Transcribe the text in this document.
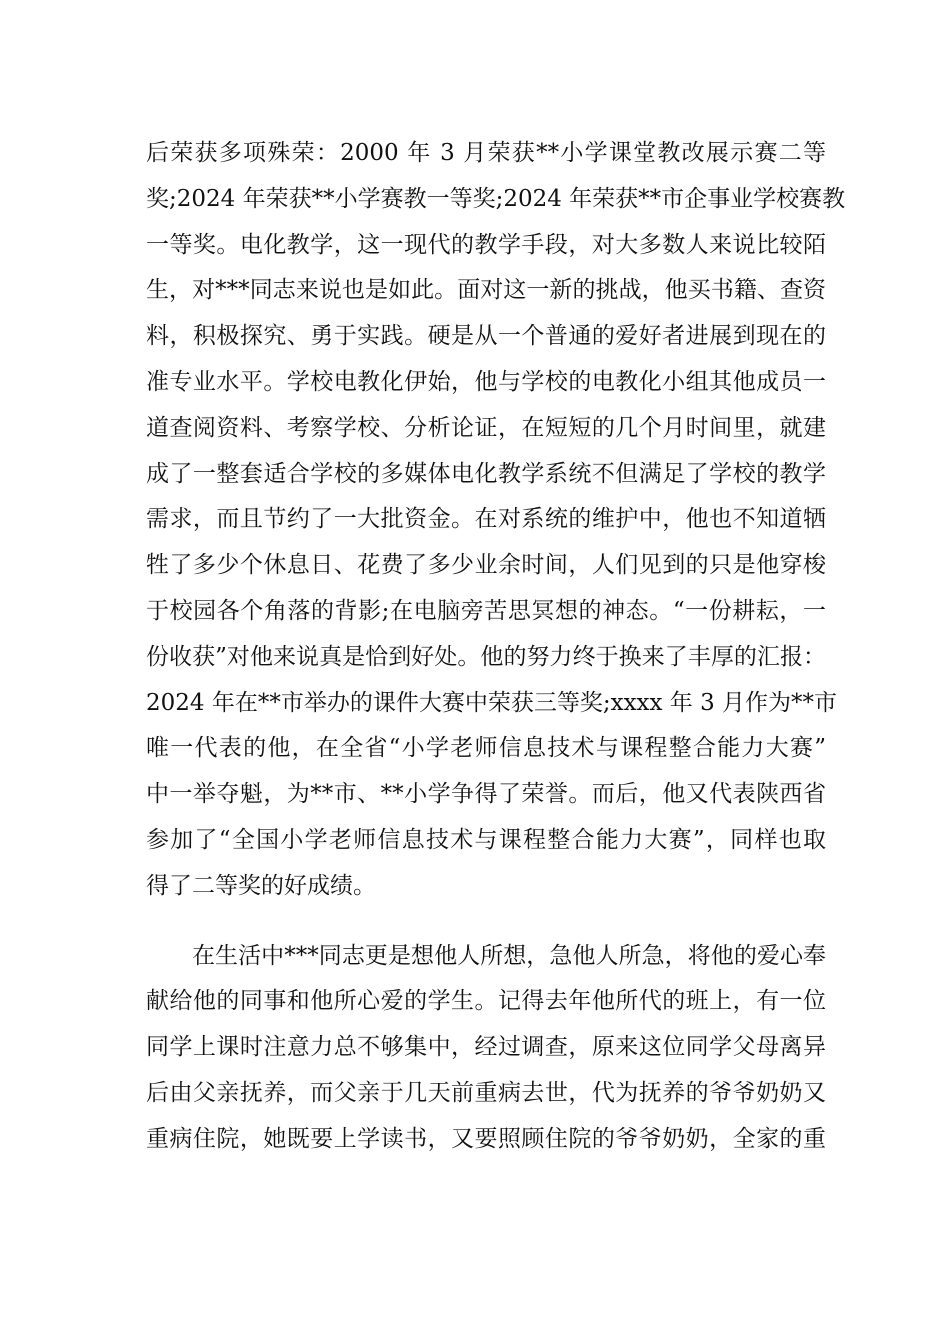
后荣获多项殊荣：2000 年 3 月荣获**小学课堂教改展示赛二等
奖;2024 年荣获**小学赛教一等奖;2024 年荣获**市企事业学校赛教
一等奖。电化教学，这一现代的教学手段，对大多数人来说比较陌
生，对***同志来说也是如此。面对这一新的挑战，他买书籍、查资
料，积极探究、勇于实践。硬是从一个普通的爱好者进展到现在的
准专业水平。学校电教化伊始，他与学校的电教化小组其他成员一
道查阅资料、考察学校、分析论证，在短短的几个月时间里，就建
成了一整套适合学校的多媒体电化教学系统不但满足了学校的教学
需求，而且节约了一大批资金。在对系统的维护中，他也不知道牺
牲了多少个休息日、花费了多少业余时间，人们见到的只是他穿梭
于校园各个角落的背影;在电脑旁苦思冥想的神态。“一份耕耘，一
份收获”对他来说真是恰到好处。他的努力终于换来了丰厚的汇报：
2024 年在**市举办的课件大赛中荣获三等奖;xxxx 年 3 月作为**市
唯一代表的他，在全省“小学老师信息技术与课程整合能力大赛”
中一举夺魁，为**市、**小学争得了荣誉。而后，他又代表陕西省
参加了“全国小学老师信息技术与课程整合能力大赛”，同样也取
得了二等奖的好成绩。
在生活中***同志更是想他人所想，急他人所急，将他的爱心奉
献给他的同事和他所心爱的学生。记得去年他所代的班上，有一位
同学上课时注意力总不够集中，经过调查，原来这位同学父母离异
后由父亲抚养，而父亲于几天前重病去世，代为抚养的爷爷奶奶又
重病住院，她既要上学读书，又要照顾住院的爷爷奶奶，全家的重
